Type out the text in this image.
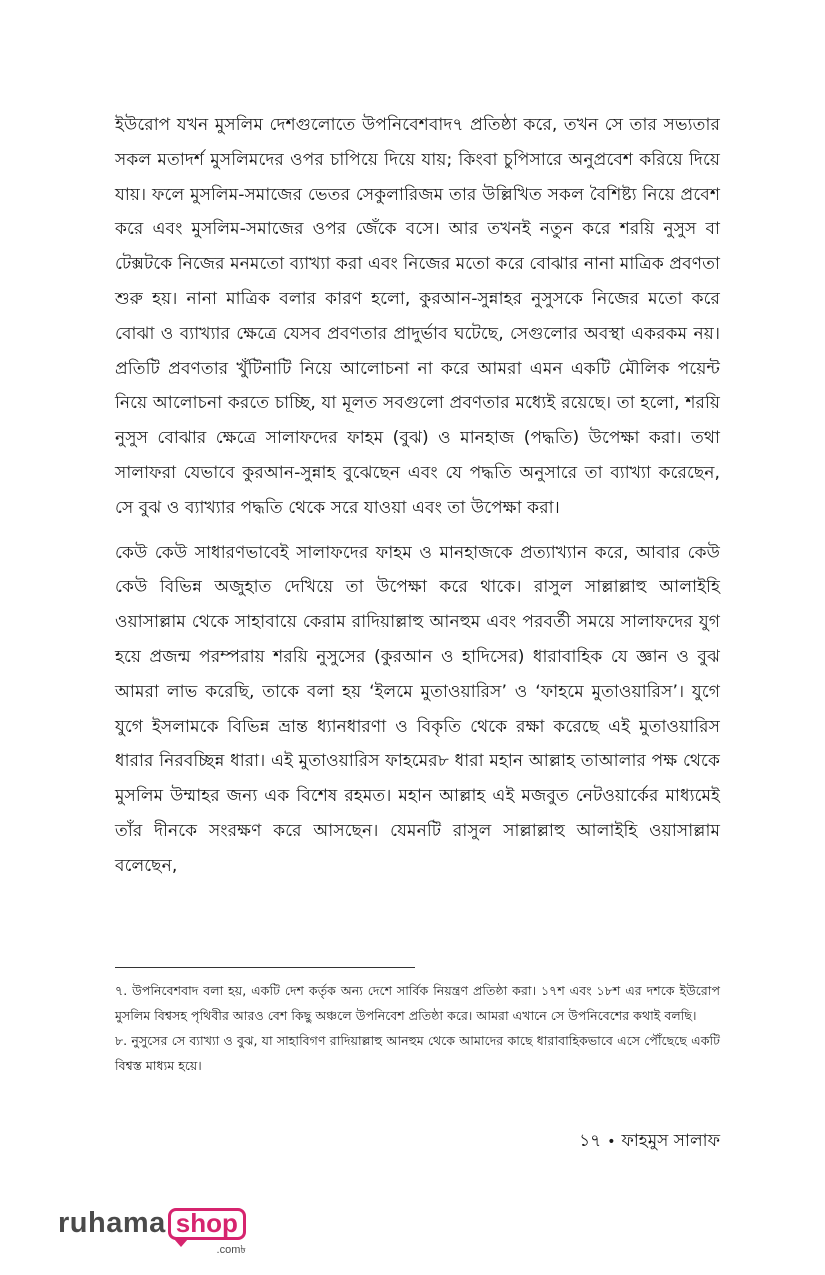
ইউরোপ যখন মুসলিম দেশগুলোতে উপনিবেশবাদ৭ প্রতিষ্ঠা করে, তখন সে তার সভ্যতার সকল মতাদর্শ মুসলিমদের ওপর চাপিয়ে দিয়ে যায়; কিংবা চুপিসারে অনুপ্রবেশ করিয়ে দিয়ে যায়। ফলে মুসলিম-সমাজের ভেতর সেকুলারিজম তার উল্লিখিত সকল বৈশিষ্ট্য নিয়ে প্রবেশ করে এবং মুসলিম-সমাজের ওপর জেঁকে বসে। আর তখনই নতুন করে শরয়ি নুসুস বা টেক্সটকে নিজের মনমতো ব্যাখ্যা করা এবং নিজের মতো করে বোঝার নানা মাত্রিক প্রবণতা শুরু হয়। নানা মাত্রিক বলার কারণ হলো, কুরআন-সুন্নাহর নুসুসকে নিজের মতো করে বোঝা ও ব্যাখ্যার ক্ষেত্রে যেসব প্রবণতার প্রাদুর্ভাব ঘটেছে, সেগুলোর অবস্থা একরকম নয়। প্রতিটি প্রবণতার খুঁটিনাটি নিয়ে আলোচনা না করে আমরা এমন একটি মৌলিক পয়েন্ট নিয়ে আলোচনা করতে চাচ্ছি, যা মূলত সবগুলো প্রবণতার মধ্যেই রয়েছে। তা হলো, শরয়ি নুসুস বোঝার ক্ষেত্রে সালাফদের ফাহম (বুঝ) ও মানহাজ (পদ্ধতি) উপেক্ষা করা। তথা সালাফরা যেভাবে কুরআন-সুন্নাহ বুঝেছেন এবং যে পদ্ধতি অনুসারে তা ব্যাখ্যা করেছেন, সে বুঝ ও ব্যাখ্যার পদ্ধতি থেকে সরে যাওয়া এবং তা উপেক্ষা করা।

কেউ কেউ সাধারণভাবেই সালাফদের ফাহম ও মানহাজকে প্রত্যাখ্যান করে, আবার কেউ কেউ বিভিন্ন অজুহাত দেখিয়ে তা উপেক্ষা করে থাকে। রাসুল সাল্লাল্লাহু আলাইহি ওয়াসাল্লাম থেকে সাহাবায়ে কেরাম রাদিয়াল্লাহু আনহুম এবং পরবর্তী সময়ে সালাফদের যুগ হয়ে প্রজন্ম পরম্পরায় শরয়ি নুসুসের (কুরআন ও হাদিসের) ধারাবাহিক যে জ্ঞান ও বুঝ আমরা লাভ করেছি, তাকে বলা হয় ‘ইলমে মুতাওয়ারিস’ ও ‘ফাহমে মুতাওয়ারিস’। যুগে যুগে ইসলামকে বিভিন্ন ভ্রান্ত ধ্যানধারণা ও বিকৃতি থেকে রক্ষা করেছে এই মুতাওয়ারিস ধারার নিরবচ্ছিন্ন ধারা। এই মুতাওয়ারিস ফাহমের৮ ধারা মহান আল্লাহ তাআলার পক্ষ থেকে মুসলিম উম্মাহর জন্য এক বিশেষ রহমত। মহান আল্লাহ এই মজবুত নেটওয়ার্কের মাধ্যমেই তাঁর দীনকে সংরক্ষণ করে আসছেন। যেমনটি রাসুল সাল্লাল্লাহু আলাইহি ওয়াসাল্লাম বলেছেন,

৭. উপনিবেশবাদ বলা হয়, একটি দেশ কর্তৃক অন্য দেশে সার্বিক নিয়ন্ত্রণ প্রতিষ্ঠা করা। ১৭শ এবং ১৮শ এর দশকে ইউরোপ মুসলিম বিশ্বসহ পৃথিবীর আরও বেশ কিছু অঞ্চলে উপনিবেশ প্রতিষ্ঠা করে। আমরা এখানে সে উপনিবেশের কথাই বলছি।

৮. নুসুসের সে ব্যাখ্যা ও বুঝ, যা সাহাবিগণ রাদিয়াল্লাহু আনহুম থেকে আমাদের কাছে ধারাবাহিকভাবে এসে পৌঁছেছে একটি বিশ্বস্ত মাধ্যম হয়ে।

১৭ • ফাহমুস সালাফ
ruhama shop
.com৳
